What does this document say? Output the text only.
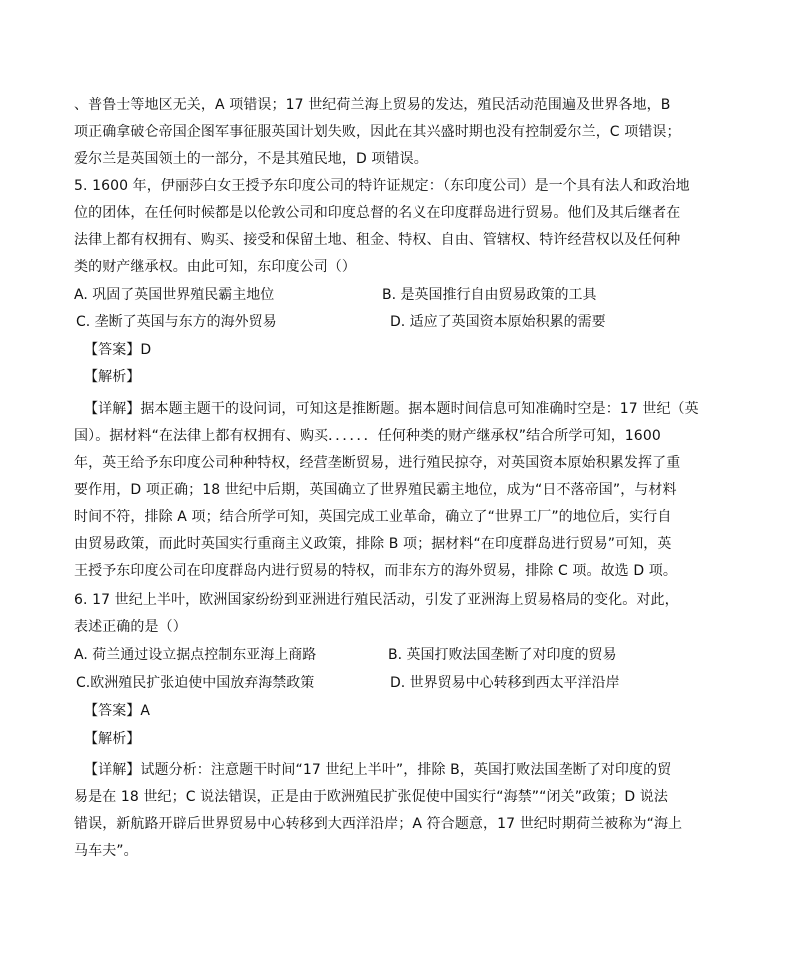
、普鲁士等地区无关，A 项错误；17 世纪荷兰海上贸易的发达，殖民活动范围遍及世界各地，B
项正确拿破仑帝国企图军事征服英国计划失败，因此在其兴盛时期也没有控制爱尔兰，C 项错误；
爱尔兰是英国领土的一部分，不是其殖民地，D 项错误。
5. 1600 年，伊丽莎白女王授予东印度公司的特许证规定：（东印度公司）是一个具有法人和政治地
位的团体，在任何时候都是以伦敦公司和印度总督的名义在印度群岛进行贸易。他们及其后继者在
法律上都有权拥有、购买、接受和保留土地、租金、特权、自由、管辖权、特许经营权以及任何种
类的财产继承权。由此可知，东印度公司（）
A. 巩固了英国世界殖民霸主地位	B. 是英国推行自由贸易政策的工具
C. 垄断了英国与东方的海外贸易	D. 适应了英国资本原始积累的需要
【答案】D
【解析】
【详解】据本题主题干的设问词，可知这是推断题。据本题时间信息可知准确时空是：17 世纪（英
国）。据材料“在法律上都有权拥有、购买．．．．．．任何种类的财产继承权”结合所学可知，1600
年，英王给予东印度公司种种特权，经营垄断贸易，进行殖民掠夺，对英国资本原始积累发挥了重
要作用，D 项正确；18 世纪中后期，英国确立了世界殖民霸主地位，成为“日不落帝国”，与材料
时间不符，排除 A 项；结合所学可知，英国完成工业革命，确立了“世界工厂”的地位后，实行自
由贸易政策，而此时英国实行重商主义政策，排除 B 项；据材料“在印度群岛进行贸易”可知，英
王授予东印度公司在印度群岛内进行贸易的特权，而非东方的海外贸易，排除 C 项。故选 D 项。
6. 17 世纪上半叶，欧洲国家纷纷到亚洲进行殖民活动，引发了亚洲海上贸易格局的变化。对此，
表述正确的是（）
A. 荷兰通过设立据点控制东亚海上商路	B. 英国打败法国垄断了对印度的贸易
C.欧洲殖民扩张迫使中国放弃海禁政策	D. 世界贸易中心转移到西太平洋沿岸
【答案】A
【解析】
【详解】试题分析：注意题干时间“17 世纪上半叶”，排除 B，英国打败法国垄断了对印度的贸
易是在 18 世纪；C 说法错误，正是由于欧洲殖民扩张促使中国实行“海禁”“闭关”政策；D 说法
错误，新航路开辟后世界贸易中心转移到大西洋沿岸；A 符合题意，17 世纪时期荷兰被称为“海上
马车夫”。
